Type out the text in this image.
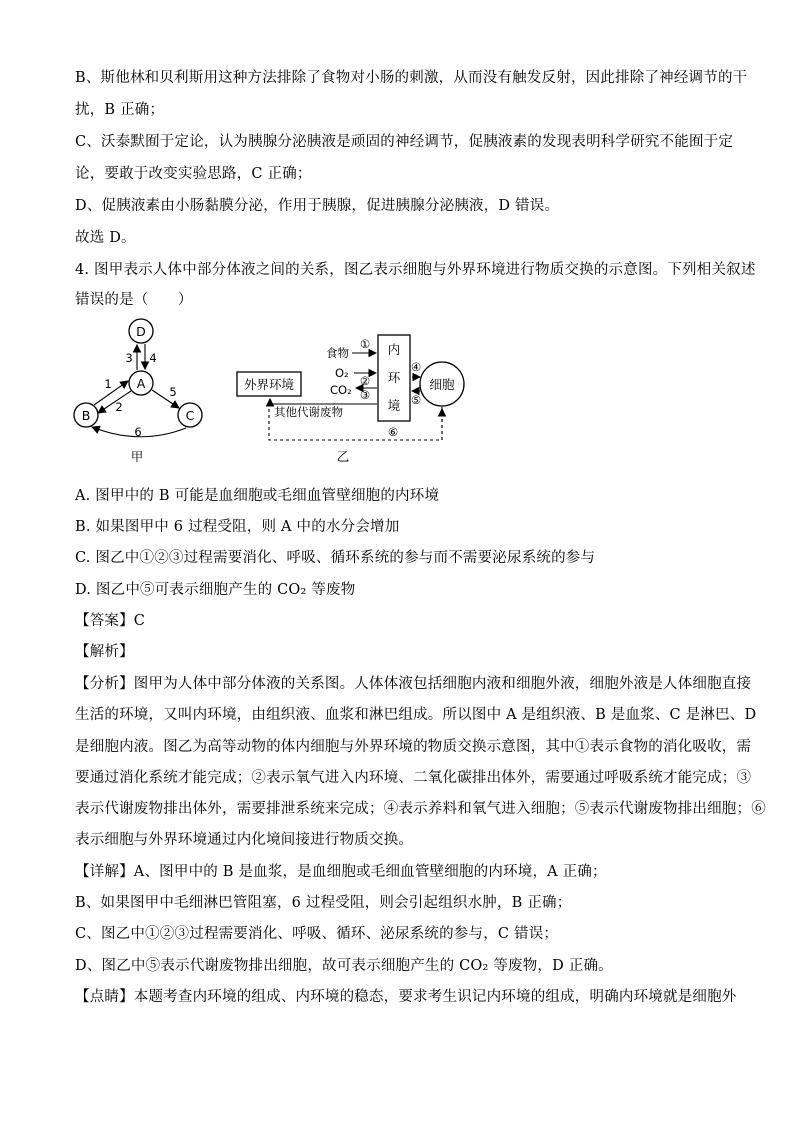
B、斯他林和贝利斯用这种方法排除了食物对小肠的刺激，从而没有触发反射，因此排除了神经调节的干
扰，B 正确；
C、沃泰默囿于定论，认为胰腺分泌胰液是顽固的神经调节，促胰液素的发现表明科学研究不能囿于定
论，要敢于改变实验思路，C 正确；
D、促胰液素由小肠黏膜分泌，作用于胰腺，促进胰腺分泌胰液，D 错误。
故选 D。
4. 图甲表示人体中部分体液之间的关系，图乙表示细胞与外界环境进行物质交换的示意图。下列相关叙述
错误的是（　　）
D
A
B	C
3 4
1
2
5
6
甲
外界环境
内
环
境
细胞
食物
①
O₂
②
CO₂ ③
其他代谢废物
④
⑤
⑥
乙
A. 图甲中的 B 可能是血细胞或毛细血管壁细胞的内环境
B. 如果图甲中 6 过程受阻，则 A 中的水分会增加
C. 图乙中①②③过程需要消化、呼吸、循环系统的参与而不需要泌尿系统的参与
D. 图乙中⑤可表示细胞产生的 CO₂ 等废物
【答案】C
【解析】
【分析】图甲为人体中部分体液的关系图。人体体液包括细胞内液和细胞外液，细胞外液是人体细胞直接
生活的环境，又叫内环境，由组织液、血浆和淋巴组成。所以图中 A 是组织液、B 是血浆、C 是淋巴、D
是细胞内液。图乙为高等动物的体内细胞与外界环境的物质交换示意图，其中①表示食物的消化吸收，需
要通过消化系统才能完成；②表示氧气进入内环境、二氧化碳排出体外，需要通过呼吸系统才能完成；③
表示代谢废物排出体外，需要排泄系统来完成；④表示养料和氧气进入细胞；⑤表示代谢废物排出细胞；⑥
表示细胞与外界环境通过内化境间接进行物质交换。
【详解】A、图甲中的 B 是血浆，是血细胞或毛细血管壁细胞的内环境，A 正确；
B、如果图甲中毛细淋巴管阻塞，6 过程受阻，则会引起组织水肿，B 正确；
C、图乙中①②③过程需要消化、呼吸、循环、泌尿系统的参与，C 错误；
D、图乙中⑤表示代谢废物排出细胞，故可表示细胞产生的 CO₂ 等废物，D 正确。
【点睛】本题考查内环境的组成、内环境的稳态，要求考生识记内环境的组成，明确内环境就是细胞外
